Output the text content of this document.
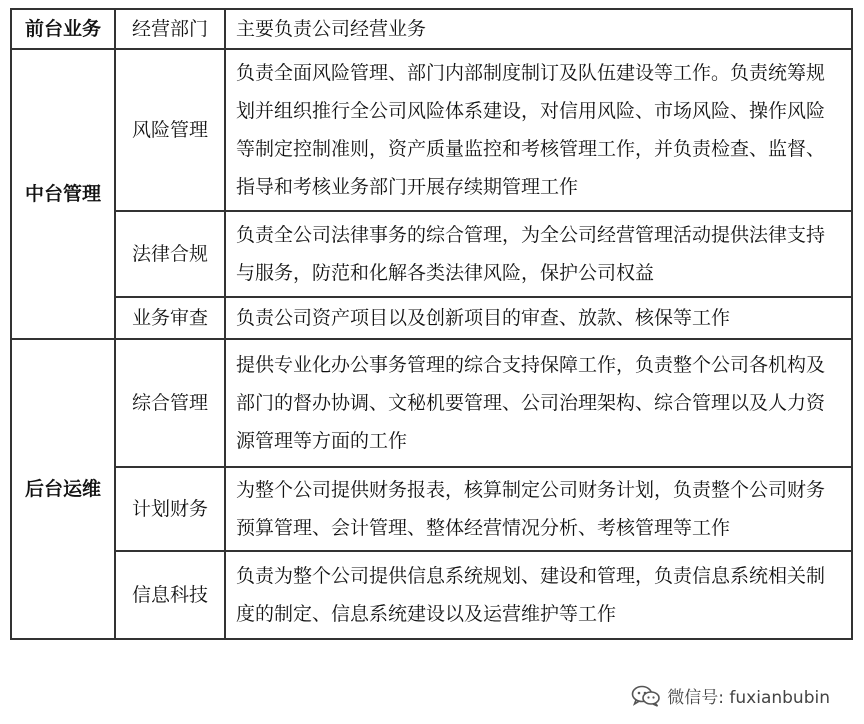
前台业务	经营部门	主要负责公司经营业务
中台管理	风险管理	负责全面风险管理、部门内部制度制订及队伍建设等工作。负责统筹规划并组织推行全公司风险体系建设，对信用风险、市场风险、操作风险等制定控制准则，资产质量监控和考核管理工作，并负责检查、监督、指导和考核业务部门开展存续期管理工作
	法律合规	负责全公司法律事务的综合管理，为全公司经营管理活动提供法律支持与服务，防范和化解各类法律风险，保护公司权益
	业务审查	负责公司资产项目以及创新项目的审查、放款、核保等工作
后台运维	综合管理	提供专业化办公事务管理的综合支持保障工作，负责整个公司各机构及部门的督办协调、文秘机要管理、公司治理架构、综合管理以及人力资源管理等方面的工作
	计划财务	为整个公司提供财务报表，核算制定公司财务计划，负责整个公司财务预算管理、会计管理、整体经营情况分析、考核管理等工作
	信息科技	负责为整个公司提供信息系统规划、建设和管理，负责信息系统相关制度的制定、信息系统建设以及运营维护等工作
微信号: fuxianbubin
